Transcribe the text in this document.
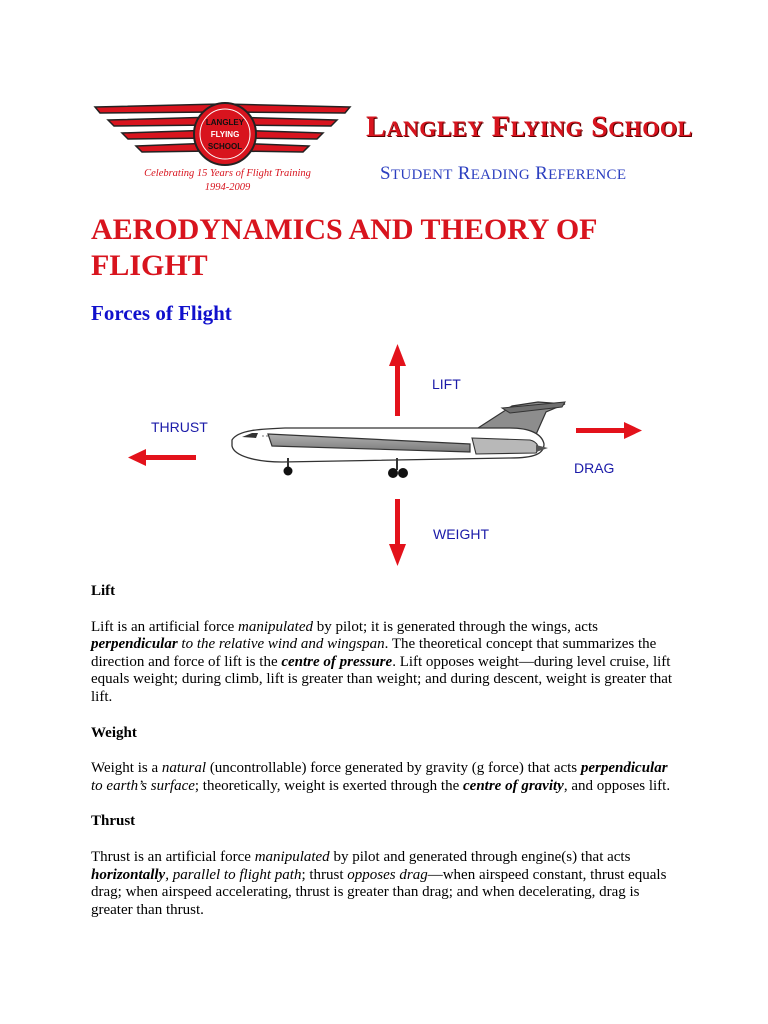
LANGLEY
FLYING
SCHOOL
Celebrating 15 Years of Flight Training
1994-2009
LANGLEY FLYING SCHOOL
STUDENT READING REFERENCE
AERODYNAMICS AND THEORY OF FLIGHT
Forces of Flight
LIFT
THRUST
DRAG
WEIGHT

Lift

Lift is an artificial force manipulated by pilot; it is generated through the wings, acts perpendicular to the relative wind and wingspan. The theoretical concept that summarizes the direction and force of lift is the centre of pressure. Lift opposes weight—during level cruise, lift equals weight; during climb, lift is greater than weight; and during descent, weight is greater that lift.

Weight

Weight is a natural (uncontrollable) force generated by gravity (g force) that acts perpendicular to earth’s surface; theoretically, weight is exerted through the centre of gravity, and opposes lift.

Thrust

Thrust is an artificial force manipulated by pilot and generated through engine(s) that acts horizontally, parallel to flight path; thrust opposes drag—when airspeed constant, thrust equals drag; when airspeed accelerating, thrust is greater than drag; and when decelerating, drag is greater than thrust.
